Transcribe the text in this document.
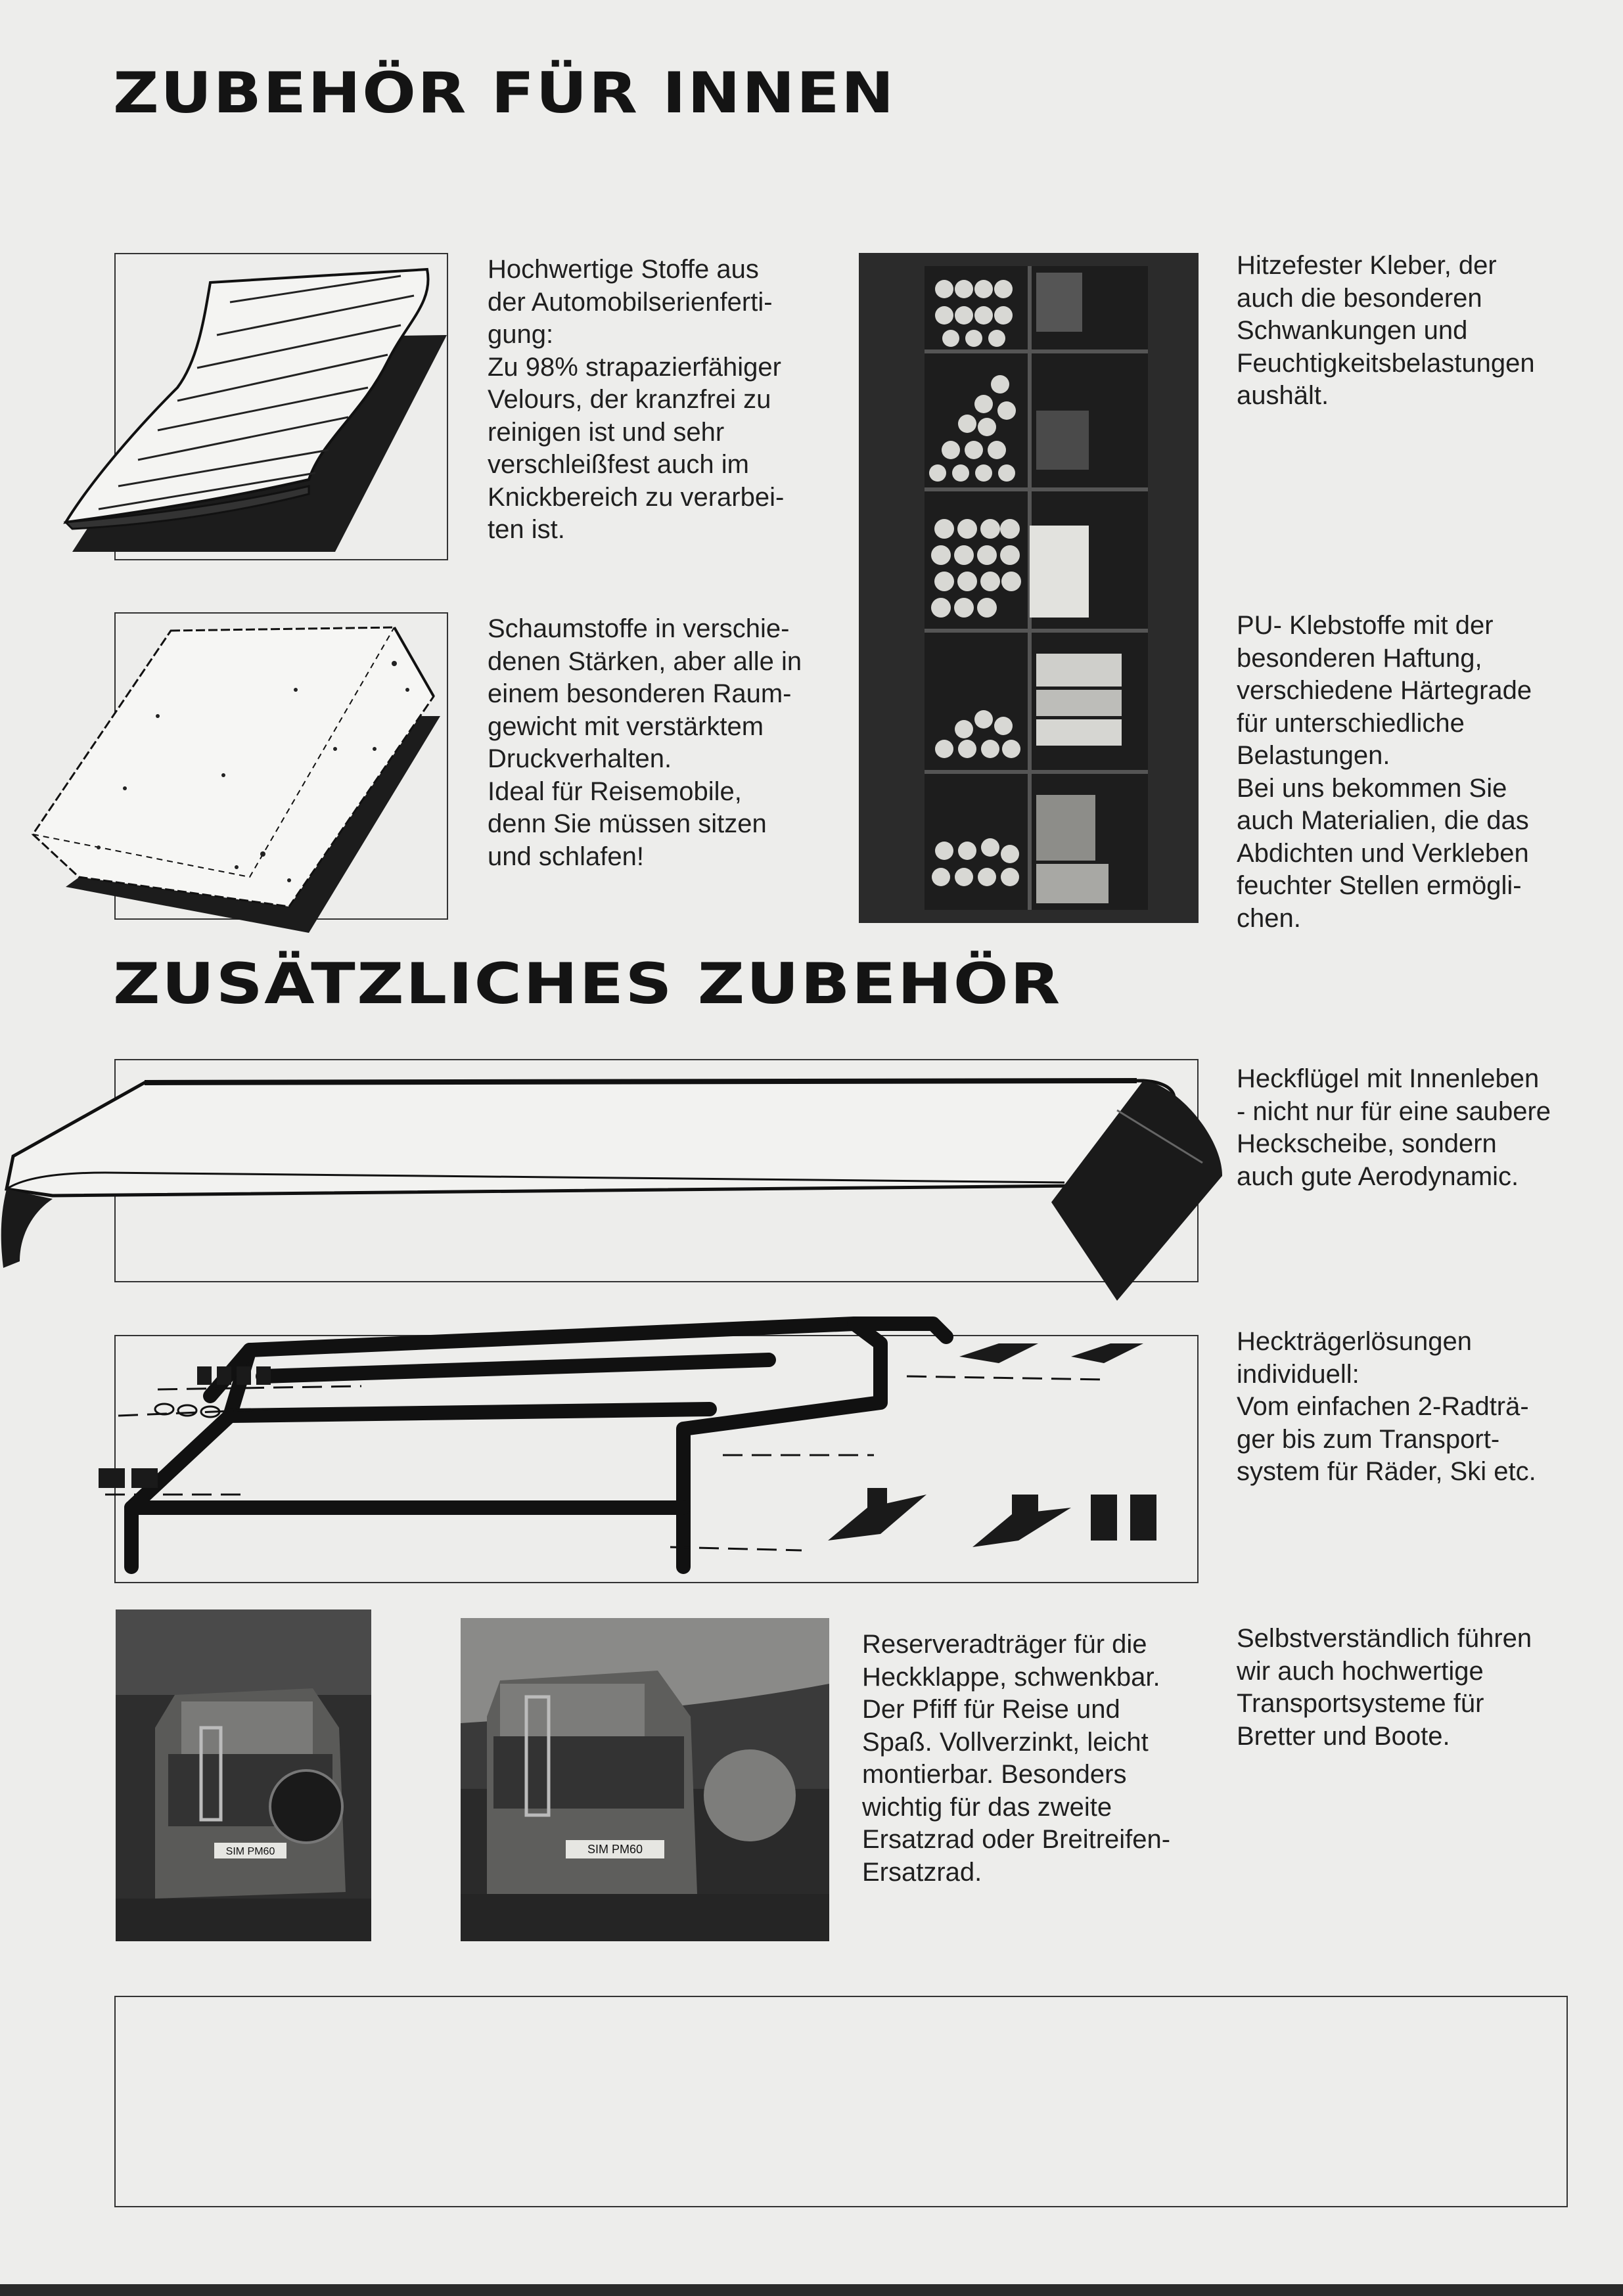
ZUBEHÖR FÜR INNEN
ZUSÄTZLICHES ZUBEHÖR
Hochwertige Stoffe aus
der Automobilserienferti-
gung:
Zu 98% strapazierfähiger
Velours, der kranzfrei zu
reinigen ist und sehr
verschleißfest auch im
Knickbereich zu verarbei-
ten ist.
Schaumstoffe in verschie-
denen Stärken, aber alle in
einem besonderen Raum-
gewicht mit verstärktem
Druckverhalten.
Ideal für Reisemobile,
denn Sie müssen sitzen
und schlafen!
Hitzefester Kleber, der
auch die besonderen
Schwankungen und
Feuchtigkeitsbelastungen
aushält.
PU- Klebstoffe mit der
besonderen Haftung,
verschiedene Härtegrade
für unterschiedliche
Belastungen.
Bei uns bekommen Sie
auch Materialien, die das
Abdichten und Verkleben
feuchter Stellen ermögli-
chen.
Heckflügel mit Innenleben
- nicht nur für eine saubere
Heckscheibe, sondern
auch gute Aerodynamic.
Heckträgerlösungen
individuell:
Vom einfachen 2-Radträ-
ger bis zum Transport-
system für Räder, Ski etc.
SIM PM60	SIM PM60
Reserveradträger für die
Heckklappe, schwenkbar.
Der Pfiff für Reise und
Spaß. Vollverzinkt, leicht
montierbar. Besonders
wichtig für das zweite
Ersatzrad oder Breitreifen-
Ersatzrad.
Selbstverständlich führen
wir auch hochwertige
Transportsysteme für
Bretter und Boote.
